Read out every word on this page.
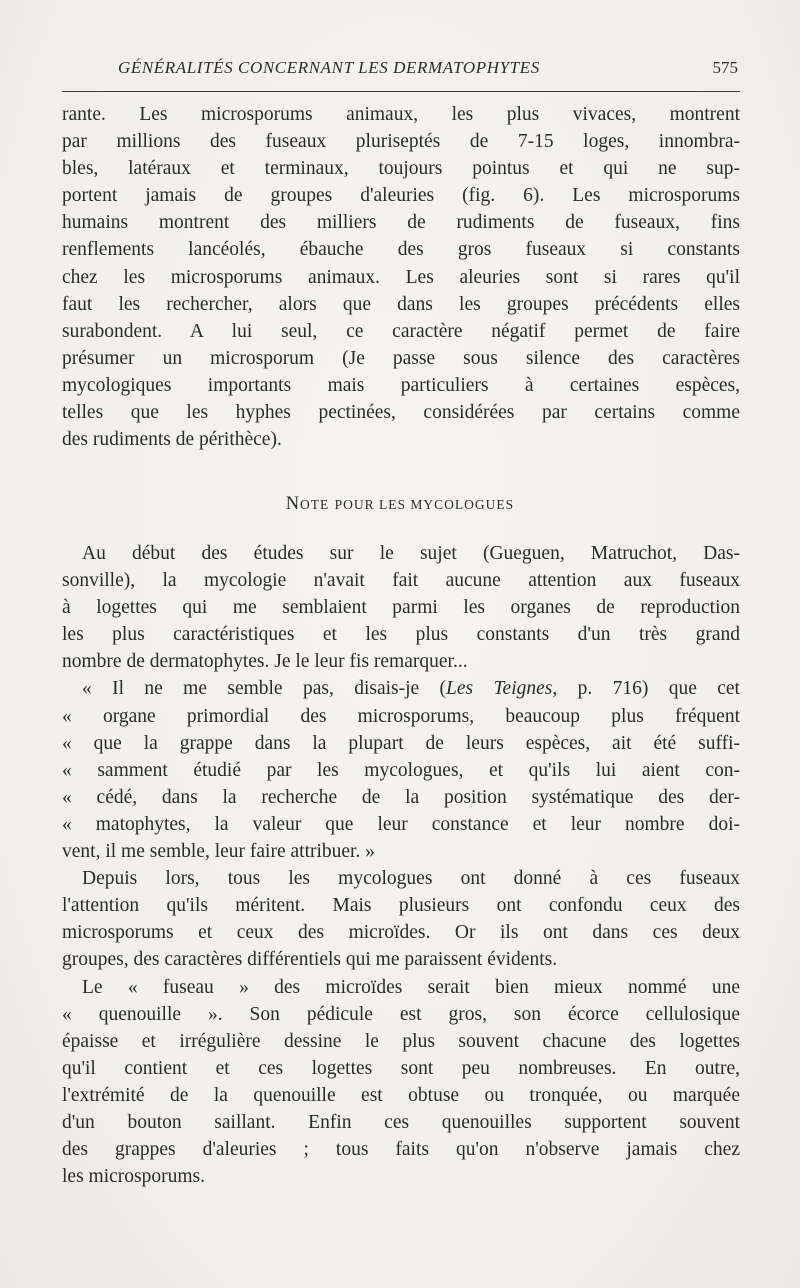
GÉNÉRALITÉS CONCERNANT LES DERMATOPHYTES	575
rante. Les microsporums animaux, les plus vivaces, montrent
par millions des fuseaux pluriseptés de 7-15 loges, innombra-
bles, latéraux et terminaux, toujours pointus et qui ne sup-
portent jamais de groupes d'aleuries (fig. 6). Les microsporums
humains montrent des milliers de rudiments de fuseaux, fins
renflements lancéolés, ébauche des gros fuseaux si constants
chez les microsporums animaux. Les aleuries sont si rares qu'il
faut les rechercher, alors que dans les groupes précédents elles
surabondent. A lui seul, ce caractère négatif permet de faire
présumer un microsporum (Je passe sous silence des caractères
mycologiques importants mais particuliers à certaines espèces,
telles que les hyphes pectinées, considérées par certains comme
des rudiments de périthèce).
NOTE POUR LES MYCOLOGUES
Au début des études sur le sujet (Gueguen, Matruchot, Das-
sonville), la mycologie n'avait fait aucune attention aux fuseaux
à logettes qui me semblaient parmi les organes de reproduction
les plus caractéristiques et les plus constants d'un très grand
nombre de dermatophytes. Je le leur fis remarquer...
« Il ne me semble pas, disais-je (Les Teignes, p. 716) que cet
« organe primordial des microsporums, beaucoup plus fréquent
« que la grappe dans la plupart de leurs espèces, ait été suffi-
« samment étudié par les mycologues, et qu'ils lui aient con-
« cédé, dans la recherche de la position systématique des der-
« matophytes, la valeur que leur constance et leur nombre doi-
vent, il me semble, leur faire attribuer. »
Depuis lors, tous les mycologues ont donné à ces fuseaux
l'attention qu'ils méritent. Mais plusieurs ont confondu ceux des
microsporums et ceux des microïdes. Or ils ont dans ces deux
groupes, des caractères différentiels qui me paraissent évidents.
Le « fuseau » des microïdes serait bien mieux nommé une
« quenouille ». Son pédicule est gros, son écorce cellulosique
épaisse et irrégulière dessine le plus souvent chacune des logettes
qu'il contient et ces logettes sont peu nombreuses. En outre,
l'extrémité de la quenouille est obtuse ou tronquée, ou marquée
d'un bouton saillant. Enfin ces quenouilles supportent souvent
des grappes d'aleuries ; tous faits qu'on n'observe jamais chez
les microsporums.
